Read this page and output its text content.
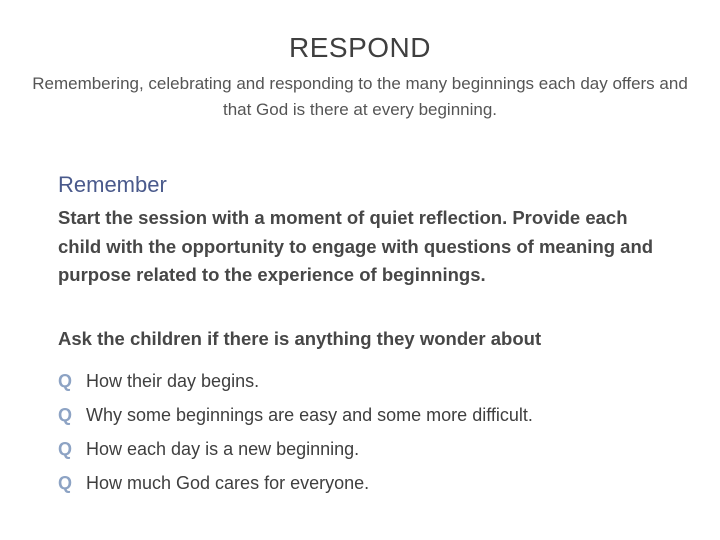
RESPOND
Remembering, celebrating and responding to the many beginnings each day offers and that God is there at every beginning.
Remember
Start the session with a moment of quiet reflection. Provide each child with the opportunity to engage with questions of meaning and purpose related to the experience of beginnings.
Ask the children if there is anything they wonder about
Q How their day begins.
Q Why some beginnings are easy and some more difficult.
Q How each day is a new beginning.
Q How much God cares for everyone.
